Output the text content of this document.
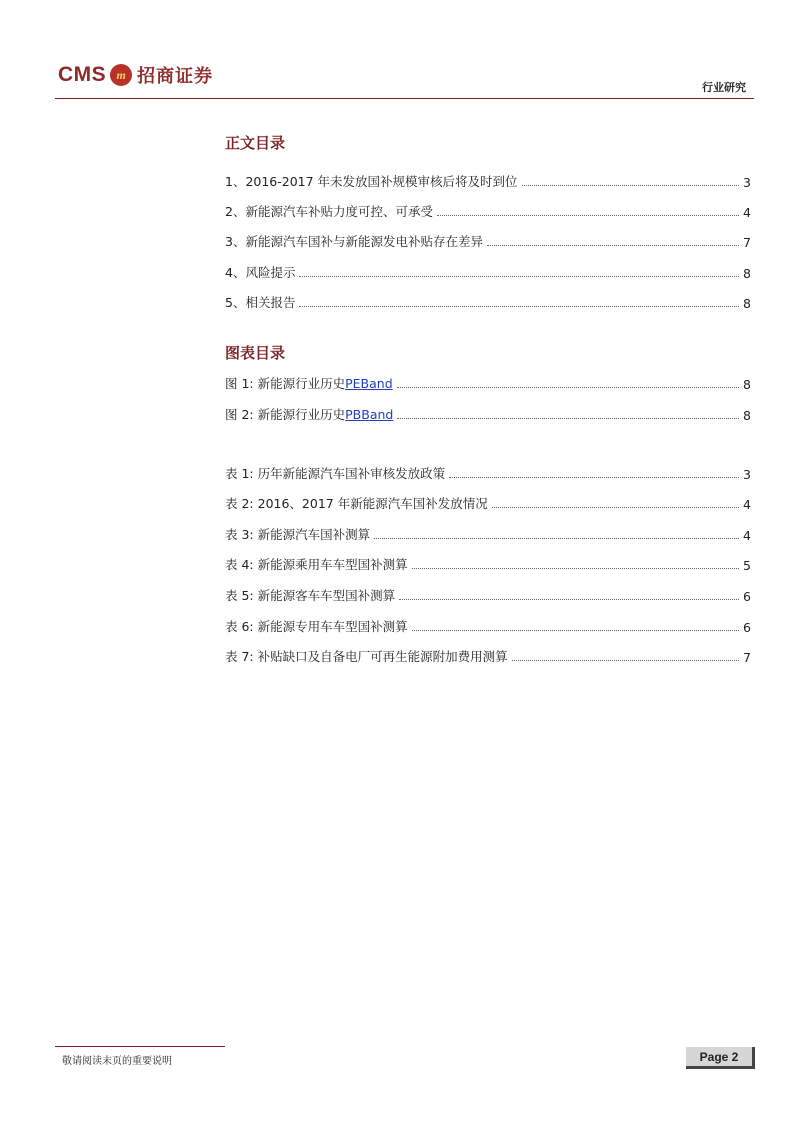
CMS m 招商证券
行业研究
正文目录
1、2016-2017 年未发放国补规模审核后将及时到位	3
2、新能源汽车补贴力度可控、可承受	4
3、新能源汽车国补与新能源发电补贴存在差异	7
4、风险提示	8
5、相关报告	8
图表目录
图 1: 新能源行业历史PEBand	8
图 2: 新能源行业历史PBBand	8
表 1: 历年新能源汽车国补审核发放政策	3
表 2: 2016、2017 年新能源汽车国补发放情况	4
表 3: 新能源汽车国补测算	4
表 4: 新能源乘用车车型国补测算	5
表 5: 新能源客车车型国补测算	6
表 6: 新能源专用车车型国补测算	6
表 7: 补贴缺口及自备电厂可再生能源附加费用测算	7
敬请阅读末页的重要说明	Page 2
